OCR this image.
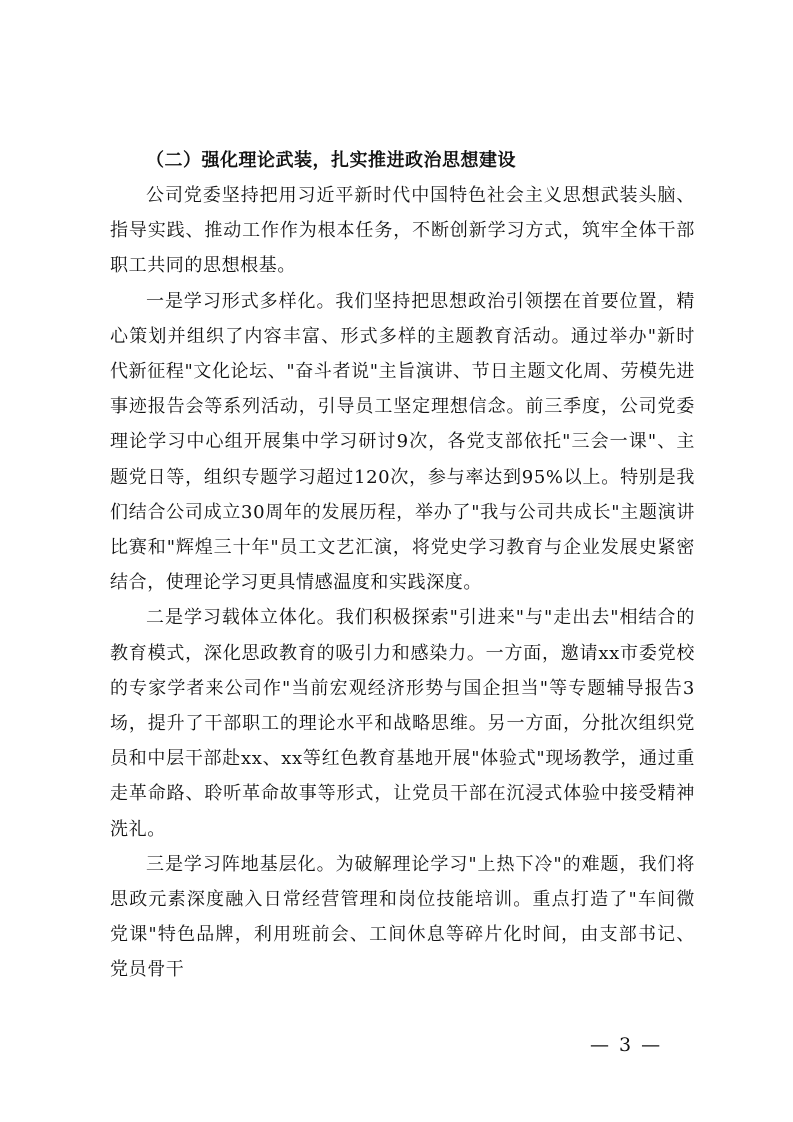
（二）强化理论武装，扎实推进政治思想建设

公司党委坚持把用习近平新时代中国特色社会主义思想武装头脑、指导实践、推动工作作为根本任务，不断创新学习方式，筑牢全体干部职工共同的思想根基。

一是学习形式多样化。我们坚持把思想政治引领摆在首要位置，精心策划并组织了内容丰富、形式多样的主题教育活动。通过举办"新时代新征程"文化论坛、"奋斗者说"主旨演讲、节日主题文化周、劳模先进事迹报告会等系列活动，引导员工坚定理想信念。前三季度，公司党委理论学习中心组开展集中学习研讨9次，各党支部依托"三会一课"、主题党日等，组织专题学习超过120次，参与率达到95%以上。特别是我们结合公司成立30周年的发展历程，举办了"我与公司共成长"主题演讲比赛和"辉煌三十年"员工文艺汇演，将党史学习教育与企业发展史紧密结合，使理论学习更具情感温度和实践深度。

二是学习载体立体化。我们积极探索"引进来"与"走出去"相结合的教育模式，深化思政教育的吸引力和感染力。一方面，邀请xx市委党校的专家学者来公司作"当前宏观经济形势与国企担当"等专题辅导报告3场，提升了干部职工的理论水平和战略思维。另一方面，分批次组织党员和中层干部赴xx、xx等红色教育基地开展"体验式"现场教学，通过重走革命路、聆听革命故事等形式，让党员干部在沉浸式体验中接受精神洗礼。

三是学习阵地基层化。为破解理论学习"上热下冷"的难题，我们将思政元素深度融入日常经营管理和岗位技能培训。重点打造了"车间微党课"特色品牌，利用班前会、工间休息等碎片化时间，由支部书记、党员骨干

— 3 —
